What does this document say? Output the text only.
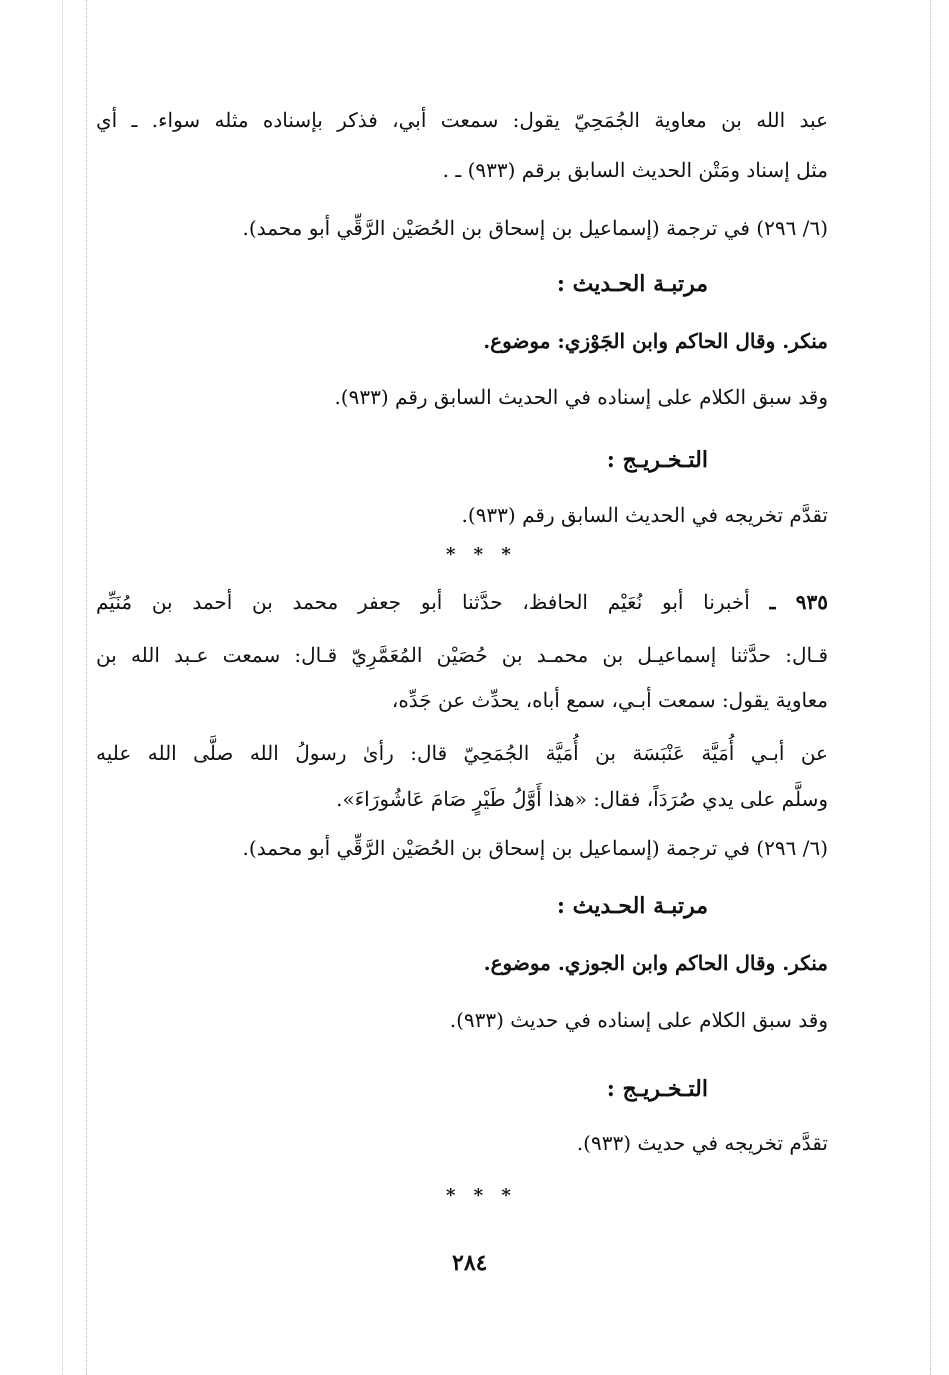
عبد الله بن معاوية الجُمَحِيّ يقول: سمعت أبي، فذكر بإسناده مثله سواء. ـ أي
مثل إسناد ومَتْن الحديث السابق برقم (٩٣٣) ـ .
(٦/ ٢٩٦) في ترجمة (إسماعيل بن إسحاق بن الحُصَيْن الرَّقِّي أبو محمد).
مرتبـة الحـديث :
منكر. وقال الحاكم وابن الجَوْزي: موضوع.
وقد سبق الكلام على إسناده في الحديث السابق رقم (٩٣٣).
التـخـريـج :
تقدَّم تخريجه في الحديث السابق رقم (٩٣٣).
* * *
٩٣٥ ـ أخبرنا أبو نُعَيْم الحافظ، حدَّثنا أبو جعفر محمد بن أحمد بن مُنَيِّم
قـال: حدَّثنا إسماعيـل بن محمـد بن حُصَيْن المُعَمَّرِيّ قـال: سمعت عـبد الله بن
معاوية يقول: سمعت أبـي، سمع أباه، يحدِّث عن جَدِّه،
عن أبـي أُمَيَّة عَنْبَسَة بن أُمَيَّة الجُمَحِيّ قال: رأىٰ رسولُ الله صلَّى الله عليه
وسلَّم على يدي صُرَدَاً، فقال: «هذا أَوَّلُ طَيْرٍ صَامَ عَاشُورَاءَ».
(٦/ ٢٩٦) في ترجمة (إسماعيل بن إسحاق بن الحُصَيْن الرَّقِّي أبو محمد).
مرتبـة الحـديث :
منكر. وقال الحاكم وابن الجوزي. موضوع.
وقد سبق الكلام على إسناده في حديث (٩٣٣).
التـخـريـج :
تقدَّم تخريجه في حديث (٩٣٣).
* * *
٢٨٤
